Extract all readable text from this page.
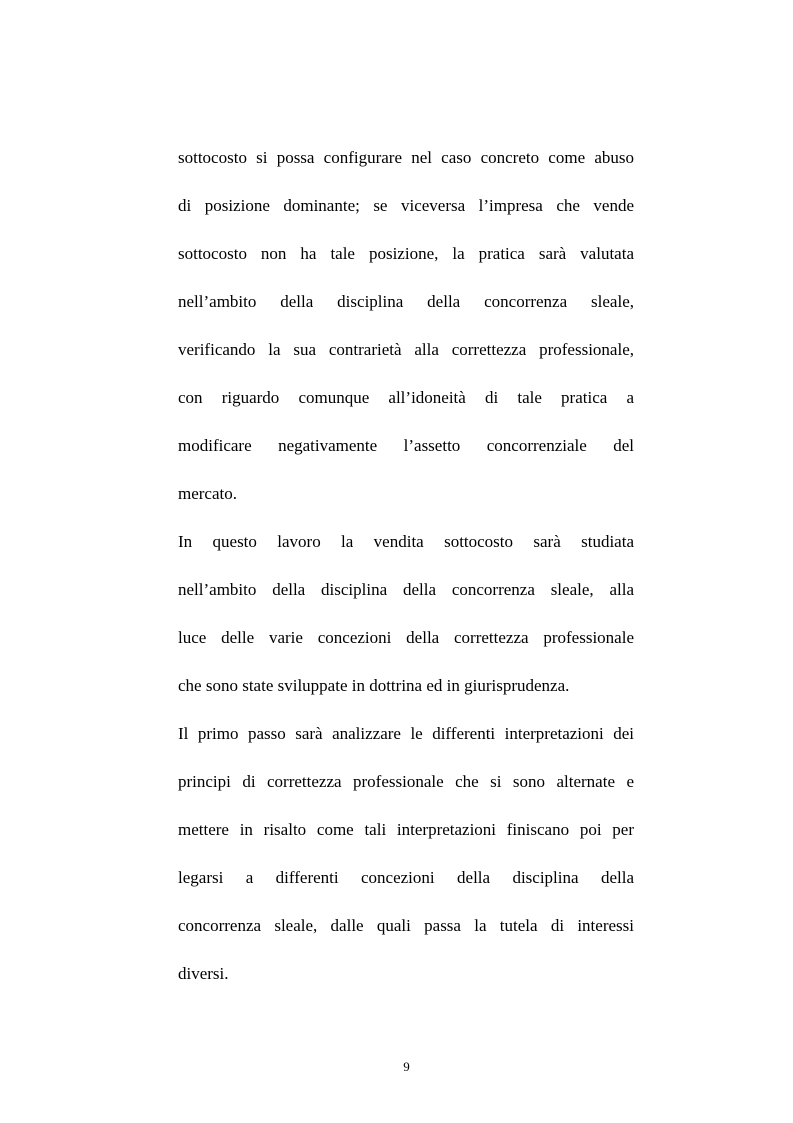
sottocosto si possa configurare nel caso concreto come abuso
di posizione dominante; se viceversa l’impresa che vende
sottocosto non ha tale posizione, la pratica sarà valutata
nell’ambito della disciplina della concorrenza sleale,
verificando la sua contrarietà alla correttezza professionale,
con riguardo comunque all’idoneità di tale pratica a
modificare negativamente l’assetto concorrenziale del
mercato.
In questo lavoro la vendita sottocosto sarà studiata
nell’ambito della disciplina della concorrenza sleale, alla
luce delle varie concezioni della correttezza professionale
che sono state sviluppate in dottrina ed in giurisprudenza.
Il primo passo sarà analizzare le differenti interpretazioni dei
principi di correttezza professionale che si sono alternate e
mettere in risalto come tali interpretazioni finiscano poi per
legarsi a differenti concezioni della disciplina della
concorrenza sleale, dalle quali passa la tutela di interessi
diversi.
9
